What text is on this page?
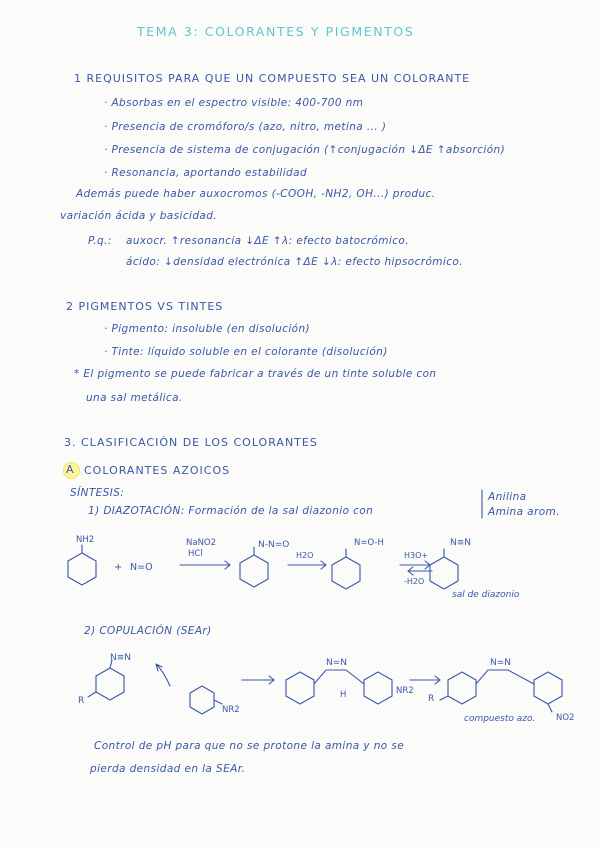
TEMA 3: COLORANTES Y PIGMENTOS
1 REQUISITOS PARA QUE UN COMPUESTO SEA UN COLORANTE
· Absorbas en el espectro visible: 400-700 nm
· Presencia de cromóforo/s (azo, nitro, metina ... )
· Presencia de sistema de conjugación (↑conjugación ↓ΔE ↑absorción)
· Resonancia, aportando estabilidad
Además puede haber auxocromos (-COOH, -NH2, OH...) produc.
variación ácida y basicidad.
P.q.: auxocr. ↑resonancia ↓ΔE ↑λ: efecto batocrómico.
ácido: ↓densidad electrónica ↑ΔE ↓λ: efecto hipsocrómico.
2 PIGMENTOS VS TINTES
· Pigmento: insoluble (en disolución)
· Tinte: líquido soluble en el colorante (disolución)
* El pigmento se puede fabricar a través de un tinte soluble con
una sal metálica.
3. CLASIFICACIÓN DE LOS COLORANTES
A COLORANTES AZOICOS
SÍNTESIS:
1) DIAZOTACIÓN: Formación de la sal diazonio con
Anilina
Amina arom.
2) COPULACIÓN (SEAr)
Control de pH para que no se protone la amina y no se
pierda densidad en la SEAr.
NH2
+ N=O
NaNO2
HCl
N-N=O
H2O
N=O-H
H3O+
-H2O
N≡N
sal de diazonio
N≡N
R
NR2
N=N
H	NR2
R
N=N
NO2
compuesto azo.
